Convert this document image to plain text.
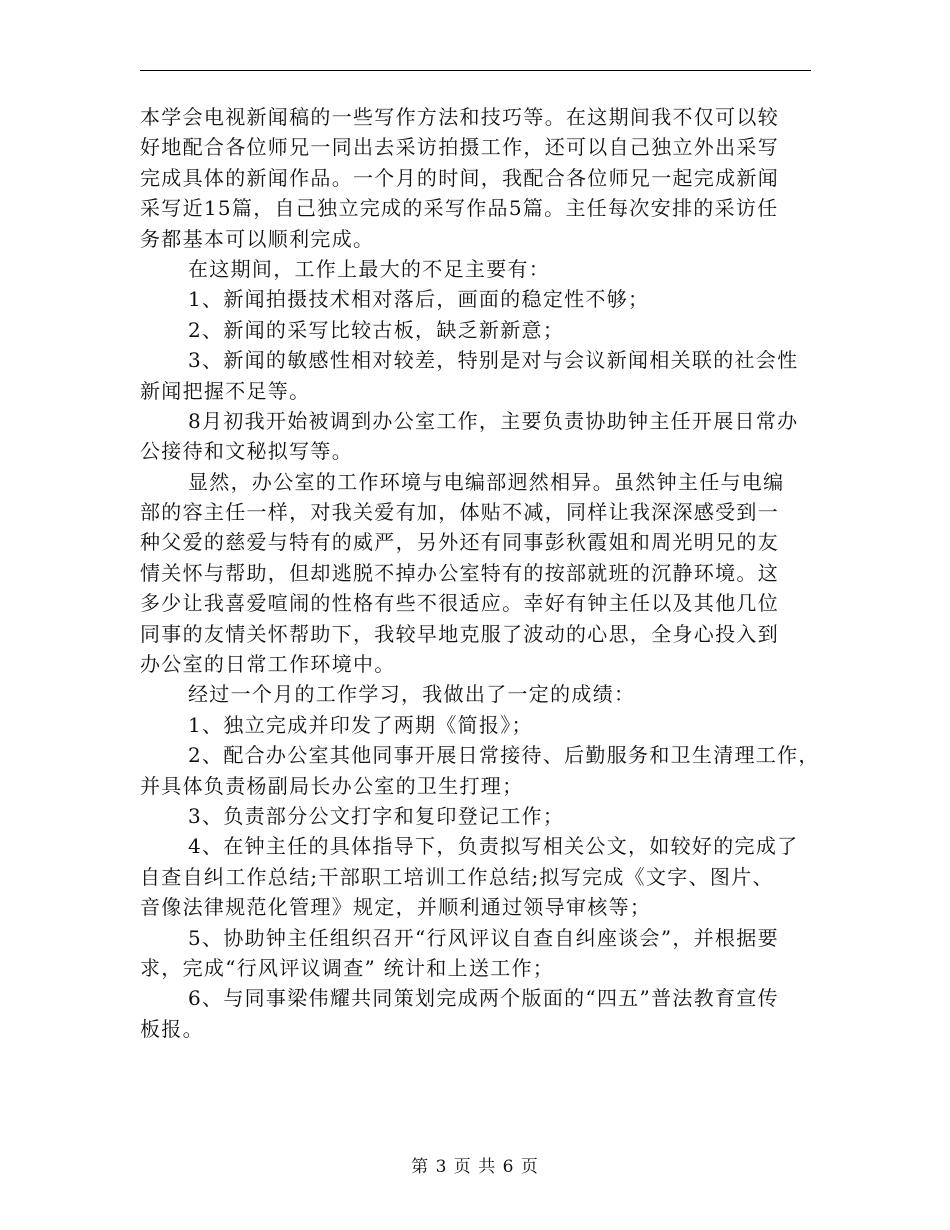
本学会电视新闻稿的一些写作方法和技巧等。在这期间我不仅可以较
好地配合各位师兄一同出去采访拍摄工作，还可以自己独立外出采写
完成具体的新闻作品。一个月的时间，我配合各位师兄一起完成新闻
采写近15篇，自己独立完成的采写作品5篇。主任每次安排的采访任
务都基本可以顺利完成。
在这期间，工作上最大的不足主要有：
1、新闻拍摄技术相对落后，画面的稳定性不够；
2、新闻的采写比较古板，缺乏新新意；
3、新闻的敏感性相对较差，特别是对与会议新闻相关联的社会性
新闻把握不足等。
8月初我开始被调到办公室工作，主要负责协助钟主任开展日常办
公接待和文秘拟写等。
显然，办公室的工作环境与电编部迥然相异。虽然钟主任与电编
部的容主任一样，对我关爱有加，体贴不减，同样让我深深感受到一
种父爱的慈爱与特有的威严，另外还有同事彭秋霞姐和周光明兄的友
情关怀与帮助，但却逃脱不掉办公室特有的按部就班的沉静环境。这
多少让我喜爱喧闹的性格有些不很适应。幸好有钟主任以及其他几位
同事的友情关怀帮助下，我较早地克服了波动的心思，全身心投入到
办公室的日常工作环境中。
经过一个月的工作学习，我做出了一定的成绩：
1、独立完成并印发了两期《简报》；
2、配合办公室其他同事开展日常接待、后勤服务和卫生清理工作，
并具体负责杨副局长办公室的卫生打理；
3、负责部分公文打字和复印登记工作；
4、在钟主任的具体指导下，负责拟写相关公文，如较好的完成了
自查自纠工作总结;干部职工培训工作总结;拟写完成《文字、图片、
音像法律规范化管理》规定，并顺利通过领导审核等；
5、协助钟主任组织召开“行风评议自查自纠座谈会”，并根据要
求，完成“行风评议调查” 统计和上送工作；
6、与同事梁伟耀共同策划完成两个版面的“四五”普法教育宣传
板报。
第 3 页 共 6 页
